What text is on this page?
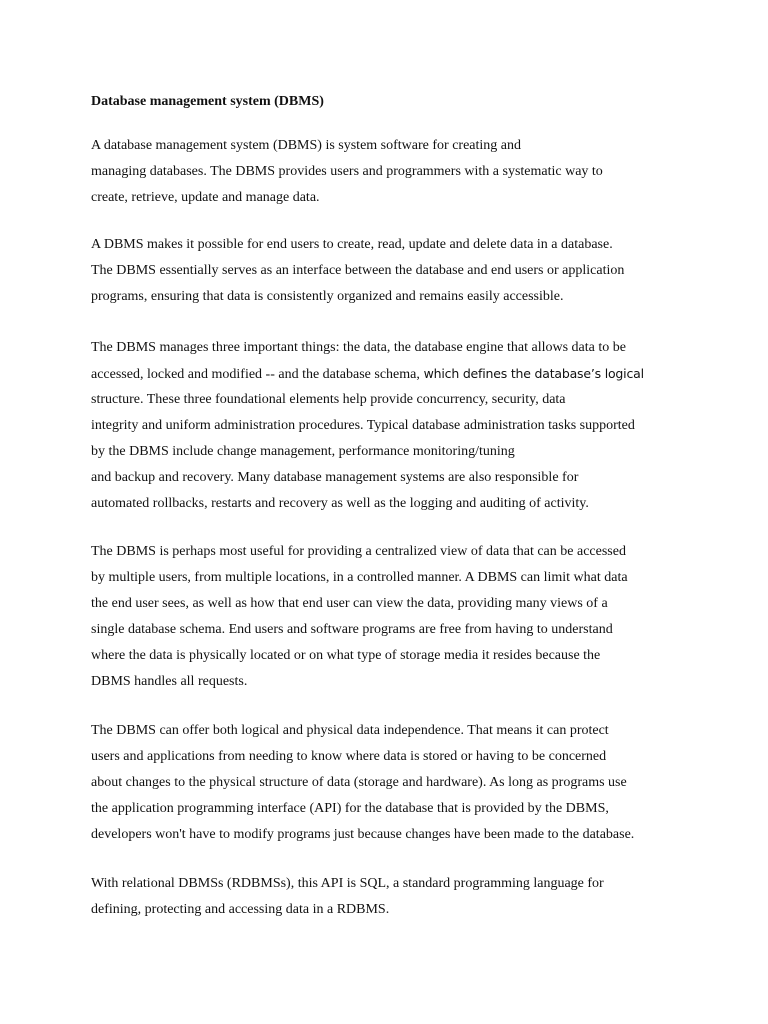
Database management system (DBMS)

A database management system (DBMS) is system software for creating and
managing databases. The DBMS provides users and programmers with a systematic way to
create, retrieve, update and manage data.

A DBMS makes it possible for end users to create, read, update and delete data in a database.
The DBMS essentially serves as an interface between the database and end users or application
programs, ensuring that data is consistently organized and remains easily accessible.

The DBMS manages three important things: the data, the database engine that allows data to be
accessed, locked and modified -- and the database schema, which defines the database’s logical
structure. These three foundational elements help provide concurrency, security, data
integrity and uniform administration procedures. Typical database administration tasks supported
by the DBMS include change management, performance monitoring/tuning
and backup and recovery. Many database management systems are also responsible for
automated rollbacks, restarts and recovery as well as the logging and auditing of activity.

The DBMS is perhaps most useful for providing a centralized view of data that can be accessed
by multiple users, from multiple locations, in a controlled manner. A DBMS can limit what data
the end user sees, as well as how that end user can view the data, providing many views of a
single database schema. End users and software programs are free from having to understand
where the data is physically located or on what type of storage media it resides because the
DBMS handles all requests.

The DBMS can offer both logical and physical data independence. That means it can protect
users and applications from needing to know where data is stored or having to be concerned
about changes to the physical structure of data (storage and hardware). As long as programs use
the application programming interface (API) for the database that is provided by the DBMS,
developers won't have to modify programs just because changes have been made to the database.

With relational DBMSs (RDBMSs), this API is SQL, a standard programming language for
defining, protecting and accessing data in a RDBMS.
